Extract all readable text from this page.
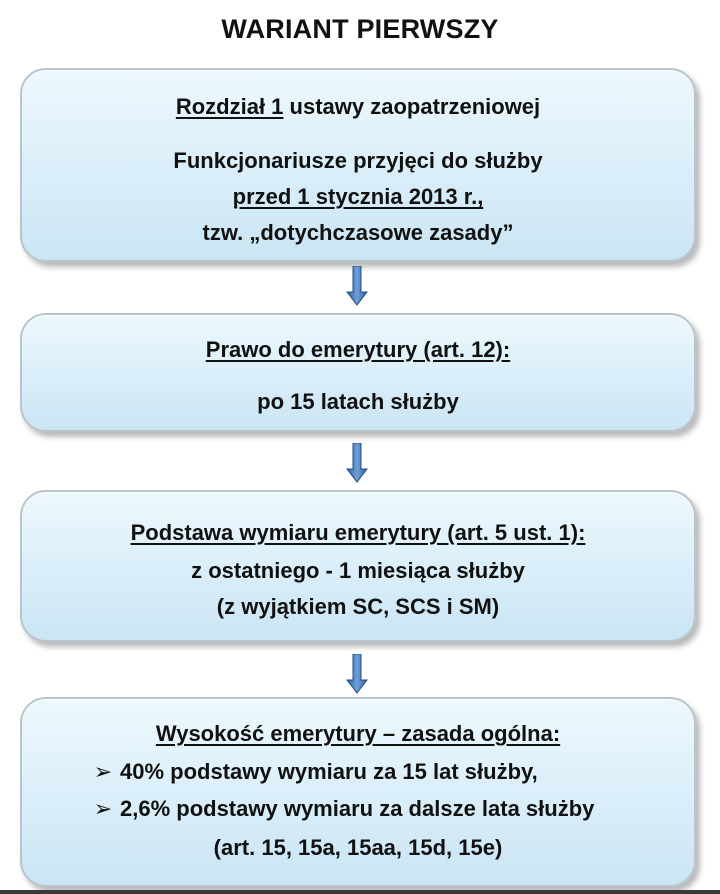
WARIANT PIERWSZY
Rozdział 1 ustawy zaopatrzeniowej
Funkcjonariusze przyjęci do służby
przed 1 stycznia 2013 r.,
tzw. „dotychczasowe zasady”
Prawo do emerytury (art. 12):
po 15 latach służby
Podstawa wymiaru emerytury (art. 5 ust. 1):
z ostatniego - 1 miesiąca służby
(z wyjątkiem SC, SCS i SM)
Wysokość emerytury – zasada ogólna:
➢ 40% podstawy wymiaru za 15 lat służby,
➢ 2,6% podstawy wymiaru za dalsze lata służby
(art. 15, 15a, 15aa, 15d, 15e)
